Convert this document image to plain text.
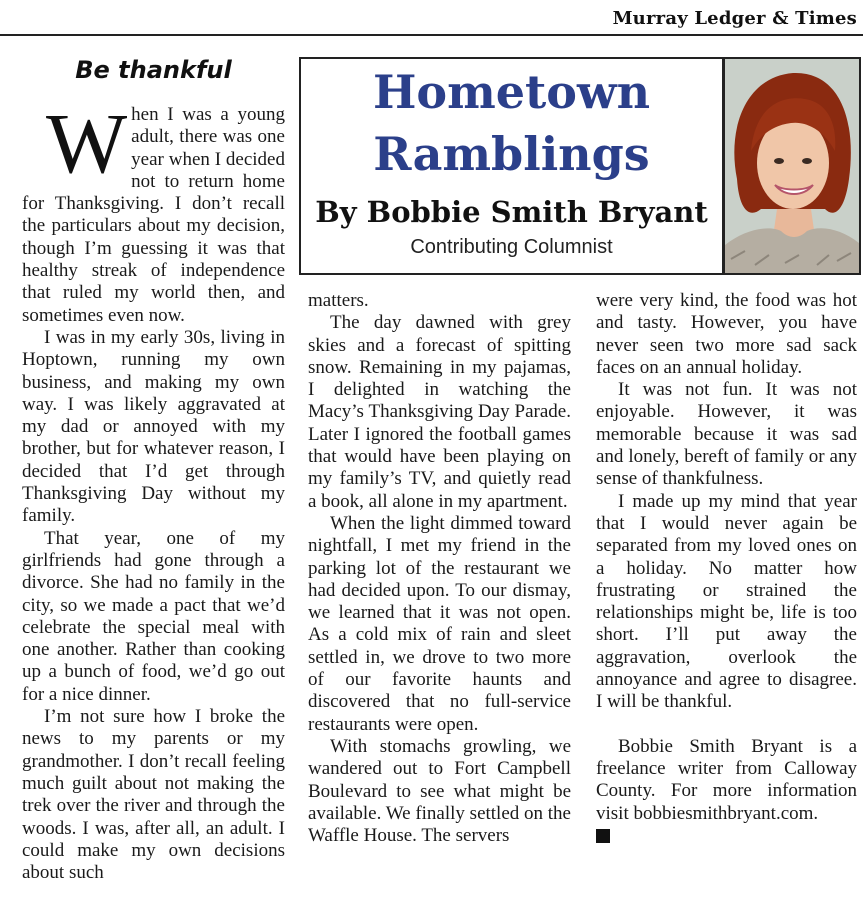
Murray Ledger & Times
Be thankful	Hometown
Ramblings
By Bobbie Smith Bryant
Contributing Columnist

When I was a young adult, there was one year when I decided not to return home for Thanksgiving. I don’t recall the particulars about my decision, though I’m guessing it was that healthy streak of independence that ruled my world then, and sometimes even now.

I was in my early 30s, living in Hoptown, running my own business, and making my own way. I was likely aggravated at my dad or annoyed with my brother, but for whatever reason, I decided that I’d get through Thanksgiving Day without my family.

That year, one of my girlfriends had gone through a divorce. She had no family in the city, so we made a pact that we’d celebrate the special meal with one another. Rather than cooking up a bunch of food, we’d go out for a nice dinner.

I’m not sure how I broke the news to my parents or my grandmother. I don’t recall feeling much guilt about not making the trek over the river and through the woods. I was, after all, an adult. I could make my own decisions about such

matters.

The day dawned with grey skies and a forecast of spitting snow. Remaining in my pajamas, I delighted in watching the Macy’s Thanksgiving Day Parade. Later I ignored the football games that would have been playing on my family’s TV, and quietly read a book, all alone in my apartment.

When the light dimmed toward nightfall, I met my friend in the parking lot of the restaurant we had decided upon. To our dismay, we learned that it was not open. As a cold mix of rain and sleet settled in, we drove to two more of our favorite haunts and discovered that no full-service restaurants were open.

With stomachs growling, we wandered out to Fort Campbell Boulevard to see what might be available. We finally settled on the Waffle House. The servers

were very kind, the food was hot and tasty. However, you have never seen two more sad sack faces on an annual holiday.

It was not fun. It was not enjoyable. However, it was memorable because it was sad and lonely, bereft of family or any sense of thankfulness.

I made up my mind that year that I would never again be separated from my loved ones on a holiday. No matter how frustrating or strained the relationships might be, life is too short. I’ll put away the aggravation, overlook the annoyance and agree to disagree. I will be thankful.

Bobbie Smith Bryant is a freelance writer from Calloway County. For more information visit bobbiesmithbryant.com.
